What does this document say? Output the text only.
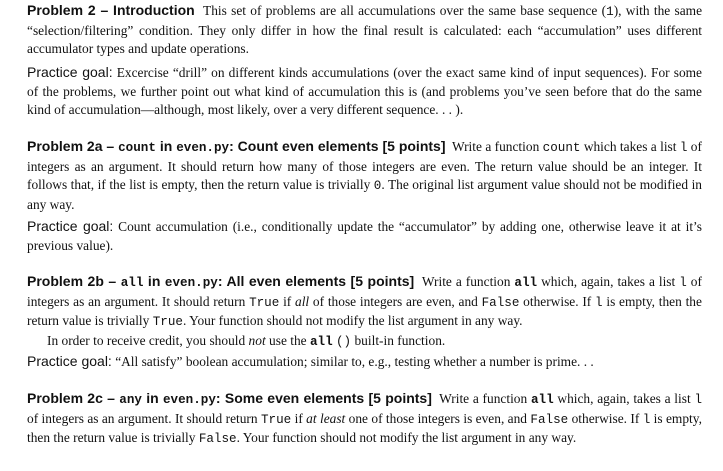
Problem 2 – Introduction This set of problems are all accumulations over the same base sequence (1), with the same “selection/filtering” condition. They only differ in how the final result is calculated: each “accumulation” uses different accumulator types and update operations.

Practice goal: Excercise “drill” on different kinds accumulations (over the exact same kind of input sequences). For some of the problems, we further point out what kind of accumulation this is (and problems you’ve seen before that do the same kind of accumulation—although, most likely, over a very different sequence. . . ).

Problem 2a – count in even.py: Count even elements [5 points] Write a function count which takes a list l of integers as an argument. It should return how many of those integers are even. The return value should be an integer. It follows that, if the list is empty, then the return value is trivially 0. The original list argument value should not be modified in any way.

Practice goal: Count accumulation (i.e., conditionally update the “accumulator” by adding one, otherwise leave it at it’s previous value).

Problem 2b – all in even.py: All even elements [5 points] Write a function all which, again, takes a list l of integers as an argument. It should return True if all of those integers are even, and False otherwise. If l is empty, then the return value is trivially True. Your function should not modify the list argument in any way.
In order to receive credit, you should not use the all () built-in function.

Practice goal: “All satisfy” boolean accumulation; similar to, e.g., testing whether a number is prime. . .

Problem 2c – any in even.py: Some even elements [5 points] Write a function all which, again, takes a list l of integers as an argument. It should return True if at least one of those integers is even, and False otherwise. If l is empty, then the return value is trivially False. Your function should not modify the list argument in any way.
